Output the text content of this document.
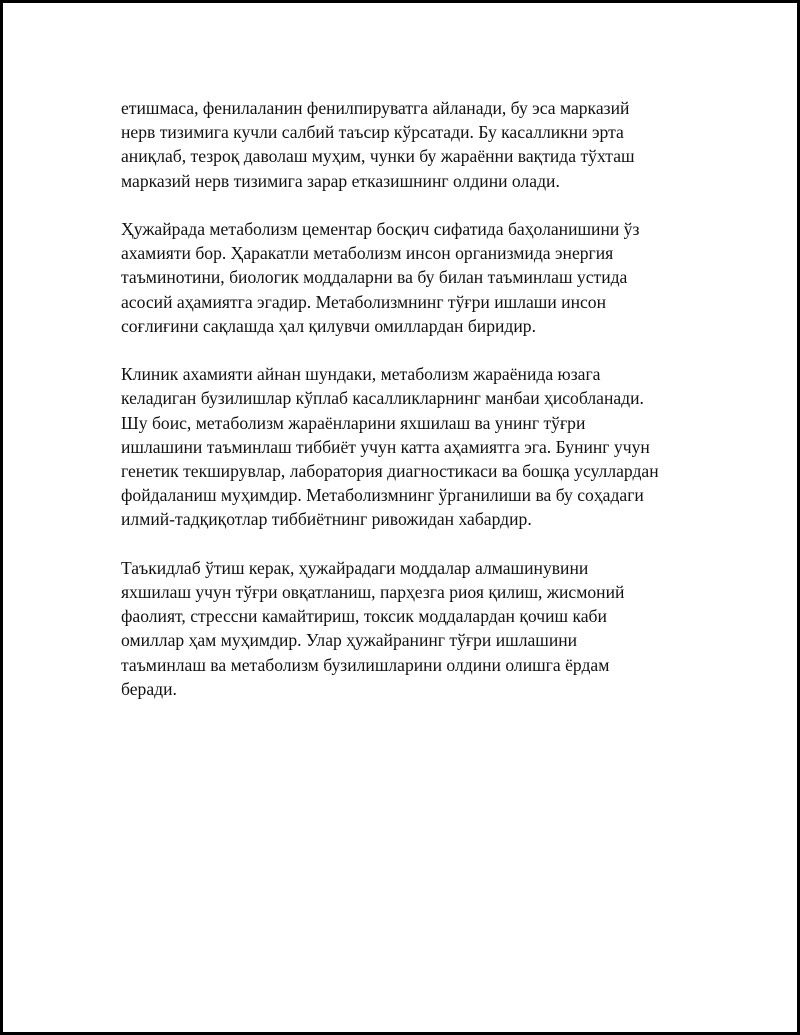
етишмаса, фенилаланин фенилпируватга айланади, бу эса марказий
нерв тизимига кучли салбий таъсир кўрсатади. Бу касалликни эрта
аниқлаб, тезроқ даволаш муҳим, чунки бу жараённи вақтида тўхташ
марказий нерв тизимига зарар етказишнинг олдини олади.

Ҳужайрада метаболизм цементар босқич сифатида баҳоланишини ўз
ахамияти бор. Ҳаракатли метаболизм инсон организмида энергия
таъминотини, биологик моддаларни ва бу билан таъминлаш устида
асосий аҳамиятга эгадир. Метаболизмнинг тўғри ишлаши инсон
соғлиғини сақлашда ҳал қилувчи омиллардан биридир.

Клиник ахамияти айнан шундаки, метаболизм жараёнида юзага
келадиган бузилишлар кўплаб касалликларнинг манбаи ҳисобланади.
Шу боис, метаболизм жараёнларини яхшилаш ва унинг тўғри
ишлашини таъминлаш тиббиёт учун катта аҳамиятга эга. Бунинг учун
генетик текширувлар, лаборатория диагностикаси ва бошқа усуллардан
фойдаланиш муҳимдир. Метаболизмнинг ўрганилиши ва бу соҳадаги
илмий-тадқиқотлар тиббиётнинг ривожидан хабардир.

Таъкидлаб ўтиш керак, ҳужайрадаги моддалар алмашинувини
яхшилаш учун тўғри овқатланиш, парҳезга риоя қилиш, жисмоний
фаолият, стрессни камайтириш, токсик моддалардан қочиш каби
омиллар ҳам муҳимдир. Улар ҳужайранинг тўғри ишлашини
таъминлаш ва метаболизм бузилишларини олдини олишга ёрдам
беради.
